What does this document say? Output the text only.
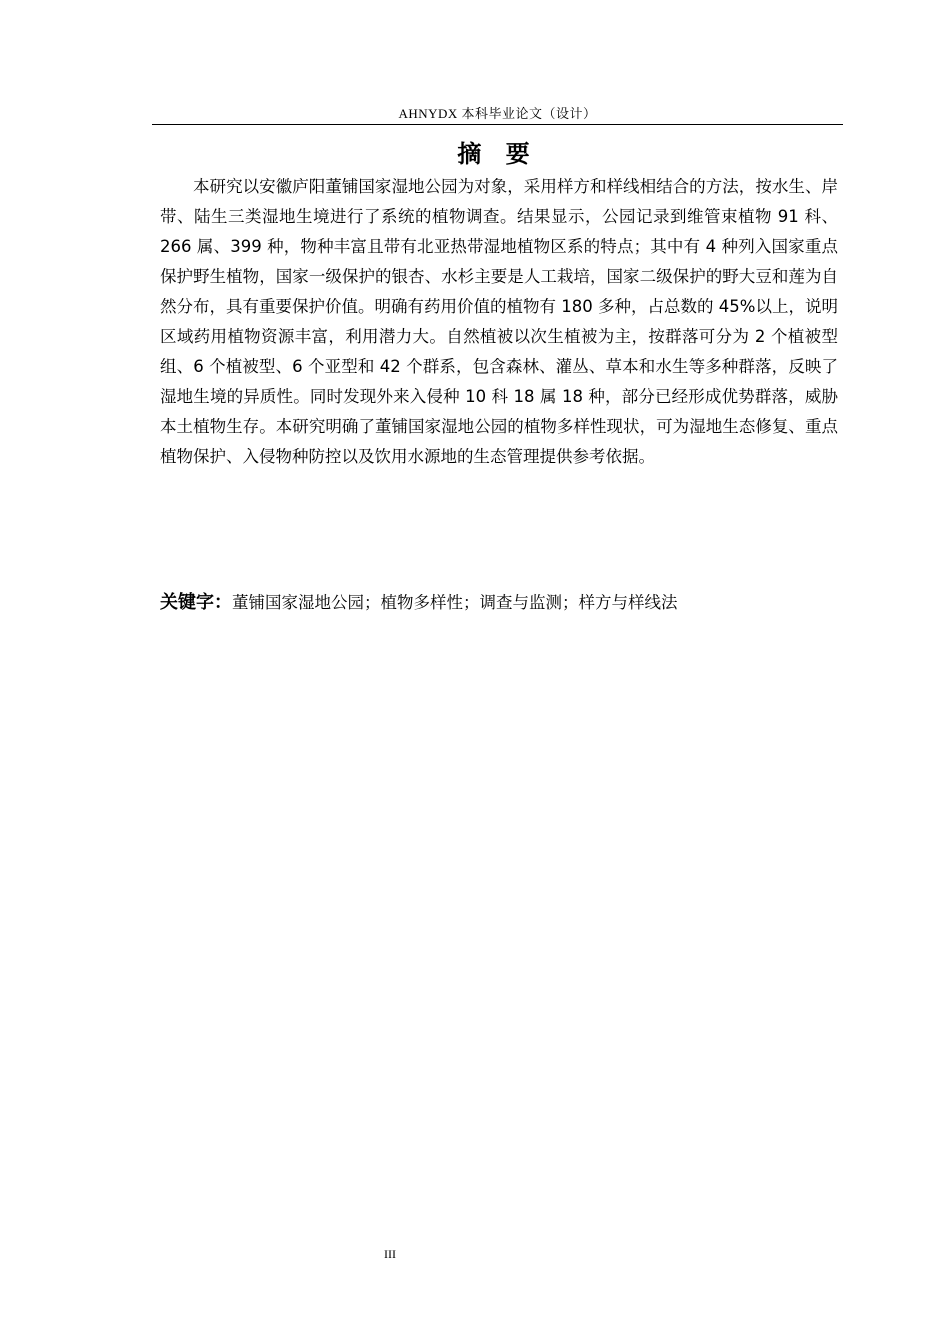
AHNYDX 本科毕业论文（设计）
摘 要

本研究以安徽庐阳董铺国家湿地公园为对象，采用样方和样线相结合的方法，按水生、岸带、陆生三类湿地生境进行了系统的植物调查。结果显示，公园记录到维管束植物 91 科、266 属、399 种，物种丰富且带有北亚热带湿地植物区系的特点；其中有 4 种列入国家重点保护野生植物，国家一级保护的银杏、水杉主要是人工栽培，国家二级保护的野大豆和莲为自然分布，具有重要保护价值。明确有药用价值的植物有 180 多种，占总数的 45%以上，说明区域药用植物资源丰富，利用潜力大。自然植被以次生植被为主，按群落可分为 2 个植被型组、6 个植被型、6 个亚型和 42 个群系，包含森林、灌丛、草本和水生等多种群落，反映了湿地生境的异质性。同时发现外来入侵种 10 科 18 属 18 种，部分已经形成优势群落，威胁本土植物生存。本研究明确了董铺国家湿地公园的植物多样性现状，可为湿地生态修复、重点植物保护、入侵物种防控以及饮用水源地的生态管理提供参考依据。

关键字：董铺国家湿地公园；植物多样性；调查与监测；样方与样线法

III
